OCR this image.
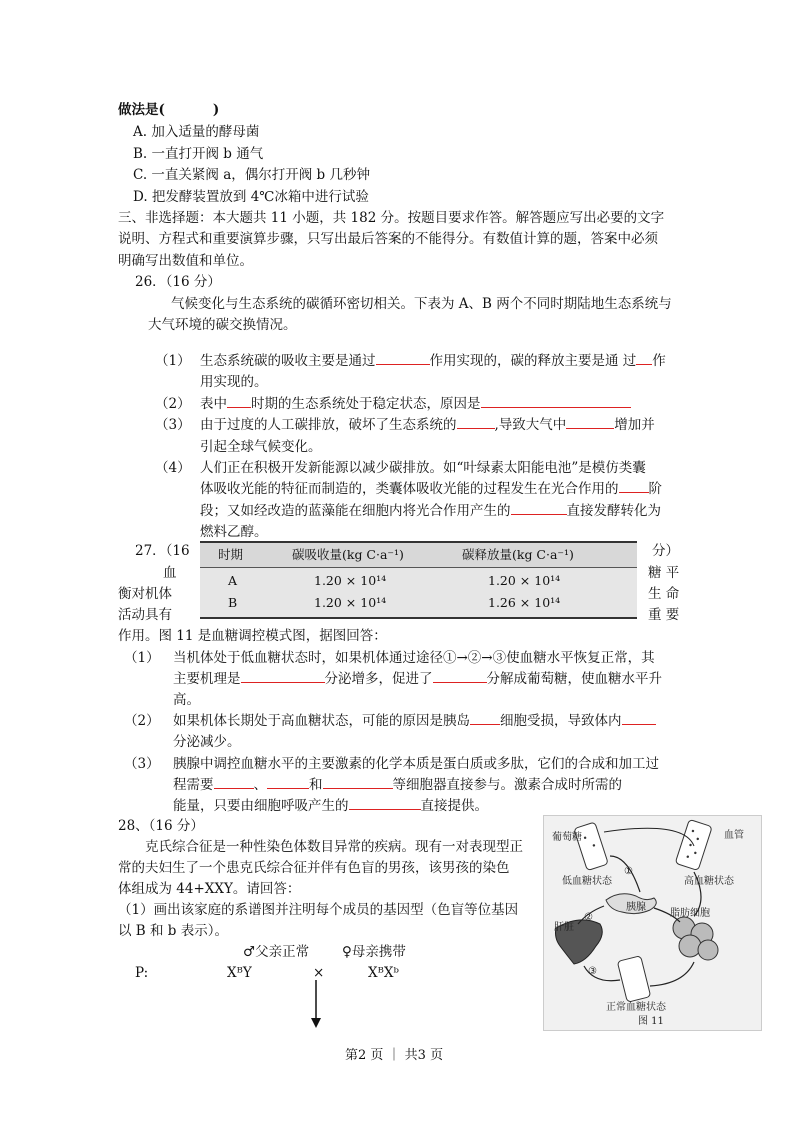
做法是(	)
A. 加入适量的酵母菌
B. 一直打开阀 b 通气
C. 一直关紧阀 a，偶尔打开阀 b 几秒钟
D. 把发酵装置放到 4℃冰箱中进行试验
三、非选择题：本大题共 11 小题，共 182 分。按题目要求作答。解答题应写出必要的文字
说明、方程式和重要演算步骤，只写出最后答案的不能得分。有数值计算的题，答案中必须
明确写出数值和单位。
26．（16 分）
气候变化与生态系统的碳循环密切相关。下表为 A、B 两个不同时期陆地生态系统与
大气环境的碳交换情况。
（1） 生态系统碳的吸收主要是通过	作用实现的，碳的释放主要是通 过 作
用实现的。
（2） 表中 时期的生态系统处于稳定状态，原因是
（3） 由于过度的人工碳排放，破坏了生态系统的	,导致大气中	增加并
引起全球气候变化。
（4） 人们正在积极开发新能源以减少碳排放。如“叶绿素太阳能电池”是模仿类囊
体吸收光能的特征而制造的，类囊体吸收光能的过程发生在光合作用的 阶
段；又如经改造的蓝藻能在细胞内将光合作用产生的	直接发酵转化为
燃料乙醇。
时期	碳吸收量(kg C·a⁻¹)	碳释放量(kg C·a⁻¹)
A	1.20 × 10¹⁴	1.20 × 10¹⁴
B	1.20 × 10¹⁴	1.26 × 10¹⁴
27．（16	分）
血	糖 平
衡对机体	生 命
活动具有	重 要
作用。图 11 是血糖调控模式图，据图回答：
（1） 当机体处于低血糖状态时，如果机体通过途径①→②→③使血糖水平恢复正常，其
主要机理是	分泌增多，促进了	分解成葡萄糖，使血糖水平升
高。
（2） 如果机体长期处于高血糖状态，可能的原因是胰岛 细胞受损，导致体内
分泌减少。
（3） 胰腺中调控血糖水平的主要激素的化学本质是蛋白质或多肽，它们的合成和加工过
程需要	、	和	等细胞器直接参与。激素合成时所需的
能量，只要由细胞呼吸产生的	直接提供。
28、（16 分）
克氏综合征是一种性染色体数目异常的疾病。现有一对表现型正
常的夫妇生了一个患克氏综合征并伴有色盲的男孩，该男孩的染色
体组成为 44+XXY。请回答：
（1）画出该家庭的系谱图并注明每个成员的基因型（色盲等位基因
以 B 和 b 表示）。
♂父亲正常 ♀母亲携带
P:	XᴮY	×	XᴮXᵇ
葡萄糖	血管
低血糖状态	高血糖状态
①
胰腺
②	脂肪细胞
肝脏
③
正常血糖状态
图 11
第2 页 ｜ 共3 页
